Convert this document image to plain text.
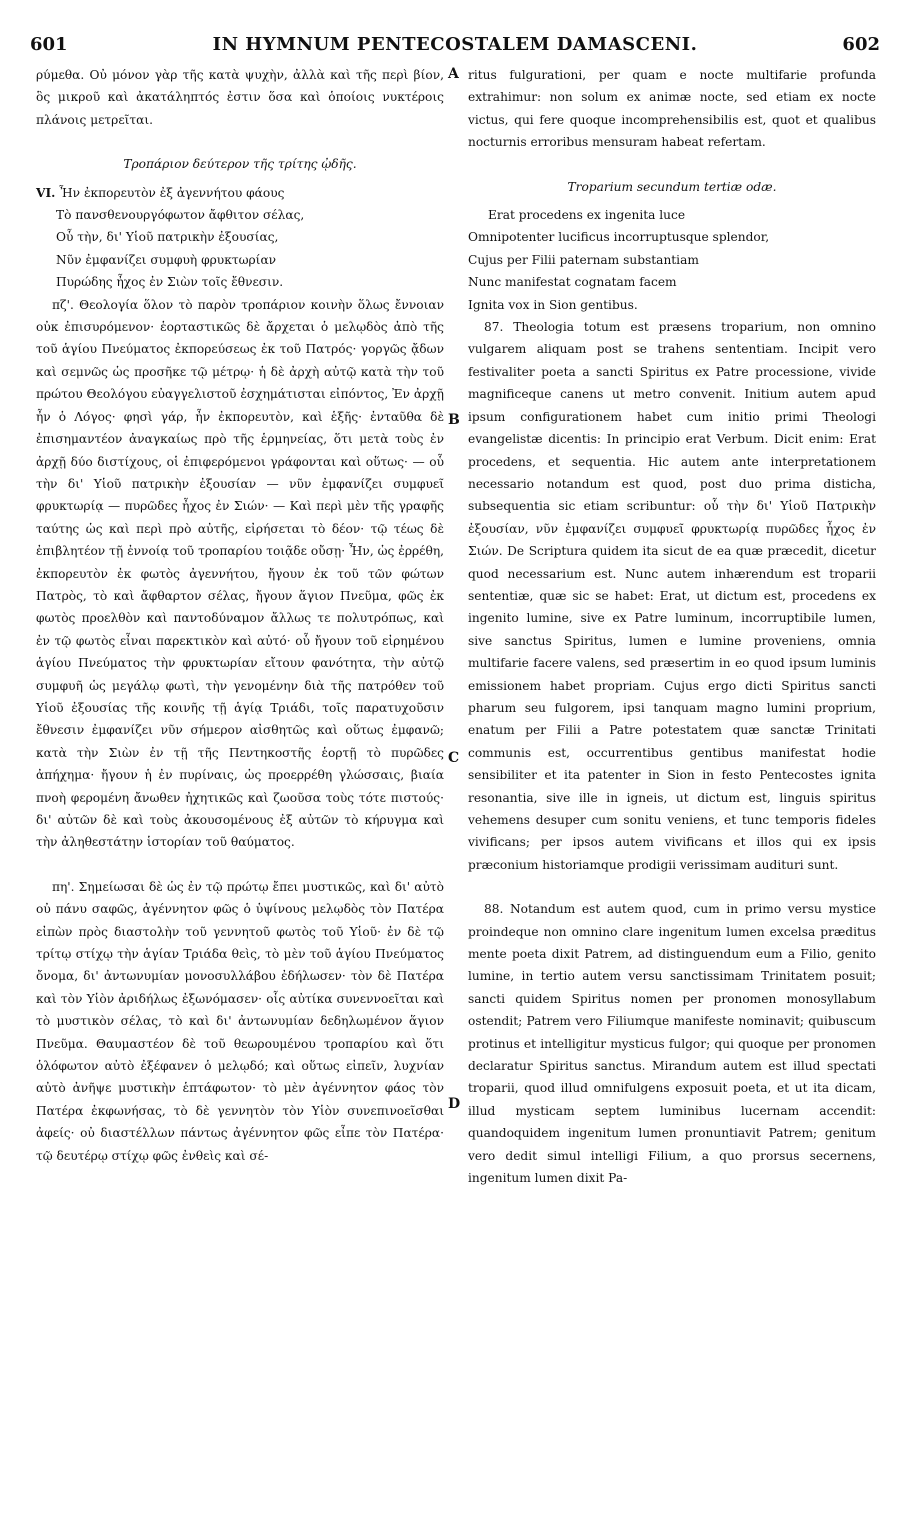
601	IN HYMNUM PENTECOSTALEM DAMASCENI.	602
A
B
C
D

ρύμεθα. Οὐ μόνον γὰρ τῆς κατὰ ψυχὴν, ἀλλὰ καὶ τῆς περὶ βίον, ὃς μικροῦ καὶ ἀκατάληπτός ἐστιν ὅσα καὶ ὁποίοις νυκτέροις πλάνοις μετρεῖται.

Τροπάριον δεύτερον τῆς τρίτης ᾠδῆς.

VI. Ἦν ἐκπορευτὸν ἐξ ἀγεννήτου φάους

Τὸ πανσθενουργόφωτον ἄφθιτον σέλας,

Οὗ τὴν, δι' Υἱοῦ πατρικὴν ἐξουσίας,

Νῦν ἐμφανίζει συμφυὴ φρυκτωρίαν

Πυρώδης ἦχος ἐν Σιὼν τοῖς ἔθνεσιν.

πζ'. Θεολογία ὅλον τὸ παρὸν τροπάριον κοινὴν ὅλως ἔννοιαν οὐκ ἐπισυρόμενον· ἑορταστικῶς δὲ ἄρχεται ὁ μελῳδὸς ἀπὸ τῆς τοῦ ἁγίου Πνεύματος ἐκπορεύσεως ἐκ τοῦ Πατρός· γοργῶς ᾄδων καὶ σεμνῶς ὡς προσῆκε τῷ μέτρῳ· ἡ δὲ ἀρχὴ αὐτῷ κατὰ τὴν τοῦ πρώτου Θεολόγου εὐαγγελιστοῦ ἐσχημάτισται εἰπόντος, Ἐν ἀρχῇ ἦν ὁ Λόγος· φησὶ γάρ, ἦν ἐκπορευτὸν, καὶ ἑξῆς· ἐνταῦθα δὲ ἐπισημαντέον ἀναγκαίως πρὸ τῆς ἑρμηνείας, ὅτι μετὰ τοὺς ἐν ἀρχῇ δύο διστίχους, οἱ ἐπιφερόμενοι γράφονται καὶ οὕτως· — οὗ τὴν δι' Υἱοῦ πατρικὴν ἐξουσίαν — νῦν ἐμφανίζει συμφυεῖ φρυκτωρίᾳ — πυρῶδες ἦχος ἐν Σιών· — Καὶ περὶ μὲν τῆς γραφῆς ταύτης ὡς καὶ περὶ πρὸ αὐτῆς, εἰρήσεται τὸ δέον· τῷ τέως δὲ ἐπιβλητέον τῇ ἐννοίᾳ τοῦ τροπαρίου τοιᾷδε οὔσῃ· Ἦν, ὡς ἐρρέθη, ἐκπορευτὸν ἐκ φωτὸς ἀγεννήτου, ἤγουν ἐκ τοῦ τῶν φώτων Πατρὸς, τὸ καὶ ἄφθαρτον σέλας, ἤγουν ἅγιον Πνεῦμα, φῶς ἐκ φωτὸς προελθὸν καὶ παντοδύναμον ἄλλως τε πολυτρόπως, καὶ ἐν τῷ φωτὸς εἶναι παρεκτικὸν καὶ αὐτό· οὗ ἤγουν τοῦ εἰρημένου ἁγίου Πνεύματος τὴν φρυκτωρίαν εἴτουν φανότητα, τὴν αὐτῷ συμφυῆ ὡς μεγάλῳ φωτὶ, τὴν γενομένην διὰ τῆς πατρόθεν τοῦ Υἱοῦ ἐξουσίας τῆς κοινῆς τῇ ἁγίᾳ Τριάδι, τοῖς παρατυχοῦσιν ἔθνεσιν ἐμφανίζει νῦν σήμερον αἰσθητῶς καὶ οὕτως ἐμφανῶ; κατὰ τὴν Σιὼν ἐν τῇ τῆς Πεντηκοστῆς ἑορτῇ τὸ πυρῶδες ἀπήχημα· ἤγουν ἡ ἐν πυρίναις, ὡς προερρέθη γλώσσαις, βιαία πνοὴ φερομένη ἄνωθεν ἠχητικῶς καὶ ζωοῦσα τοὺς τότε πιστούς· δι' αὐτῶν δὲ καὶ τοὺς ἀκουσομένους ἐξ αὐτῶν τὸ κήρυγμα καὶ τὴν ἀληθεστάτην ἱστορίαν τοῦ θαύματος.

πη'. Σημείωσαι δὲ ὡς ἐν τῷ πρώτῳ ἔπει μυστικῶς, καὶ δι' αὐτὸ οὐ πάνυ σαφῶς, ἀγέννητον φῶς ὁ ὑψίνους μελῳδὸς τὸν Πατέρα εἰπὼν πρὸς διαστολὴν τοῦ γεννητοῦ φωτὸς τοῦ Υἱοῦ· ἐν δὲ τῷ τρίτῳ στίχῳ τὴν ἁγίαν Τριάδα θεὶς, τὸ μὲν τοῦ ἁγίου Πνεύματος ὄνομα, δι' ἀντωνυμίαν μονοσυλλάβου ἐδήλωσεν· τὸν δὲ Πατέρα καὶ τὸν Υἱὸν ἀριδήλως ἐξωνόμασεν· οἷς αὐτίκα συνεννοεῖται καὶ τὸ μυστικὸν σέλας, τὸ καὶ δι' ἀντωνυμίαν δεδηλωμένον ἅγιον Πνεῦμα. Θαυμαστέον δὲ τοῦ θεωρουμένου τροπαρίου καὶ ὅτι ὁλόφωτον αὐτὸ ἐξέφανεν ὁ μελῳδό; καὶ οὕτως εἰπεῖν, λυχνίαν αὐτὸ ἀνῆψε μυστικὴν ἑπτάφωτον· τὸ μὲν ἀγέννητον φάος τὸν Πατέρα ἐκφωνήσας, τὸ δὲ γεννητὸν τὸν Υἱὸν συνεπινοεῖσθαι ἀφείς· οὐ διαστέλλων πάντως ἀγέννητον φῶς εἶπε τὸν Πατέρα· τῷ δευτέρῳ στίχῳ φῶς ἐνθεὶς καὶ σέ-

ritus fulgurationi, per quam e nocte multifarie profunda extrahimur: non solum ex animæ nocte, sed etiam ex nocte victus, qui fere quoque incomprehensibilis est, quot et qualibus nocturnis erroribus mensuram habeat refertam.

Troparium secundum tertiæ odæ.

Erat procedens ex ingenita luce

Omnipotenter lucificus incorruptusque splendor,

Cujus per Filii paternam substantiam

Nunc manifestat cognatam facem

Ignita vox in Sion gentibus.

87. Theologia totum est præsens troparium, non omnino vulgarem aliquam post se trahens sententiam. Incipit vero festivaliter poeta a sancti Spiritus ex Patre processione, vivide magnificeque canens ut metro convenit. Initium autem apud ipsum configurationem habet cum initio primi Theologi evangelistæ dicentis: In principio erat Verbum. Dicit enim: Erat procedens, et sequentia. Hic autem ante interpretationem necessario notandum est quod, post duo prima disticha, subsequentia sic etiam scribuntur: οὗ τὴν δι' Υἱοῦ Πατρικὴν ἐξουσίαν, νῦν ἐμφανίζει συμφυεῖ φρυκτωρίᾳ πυρῶδες ἦχος ἐν Σιών. De Scriptura quidem ita sicut de ea quæ præcedit, dicetur quod necessarium est. Nunc autem inhærendum est troparii sententiæ, quæ sic se habet: Erat, ut dictum est, procedens ex ingenito lumine, sive ex Patre luminum, incorruptibile lumen, sive sanctus Spiritus, lumen e lumine proveniens, omnia multifarie facere valens, sed præsertim in eo quod ipsum luminis emissionem habet propriam. Cujus ergo dicti Spiritus sancti pharum seu fulgorem, ipsi tanquam magno lumini proprium, enatum per Filii a Patre potestatem quæ sanctæ Trinitati communis est, occurrentibus gentibus manifestat hodie sensibiliter et ita patenter in Sion in festo Pentecostes ignita resonantia, sive ille in igneis, ut dictum est, linguis spiritus vehemens desuper cum sonitu veniens, et tunc temporis fideles vivificans; per ipsos autem vivificans et illos qui ex ipsis præconium historiamque prodigii verissimam audituri sunt.

88. Notandum est autem quod, cum in primo versu mystice proindeque non omnino clare ingenitum lumen excelsa præditus mente poeta dixit Patrem, ad distinguendum eum a Filio, genito lumine, in tertio autem versu sanctissimam Trinitatem posuit; sancti quidem Spiritus nomen per pronomen monosyllabum ostendit; Patrem vero Filiumque manifeste nominavit; quibuscum protinus et intelligitur mysticus fulgor; qui quoque per pronomen declaratur Spiritus sanctus. Mirandum autem est illud spectati troparii, quod illud omnifulgens exposuit poeta, et ut ita dicam, illud mysticam septem luminibus lucernam accendit: quandoquidem ingenitum lumen pronuntiavit Patrem; genitum vero dedit simul intelligi Filium, a quo prorsus secernens, ingenitum lumen dixit Pa-
